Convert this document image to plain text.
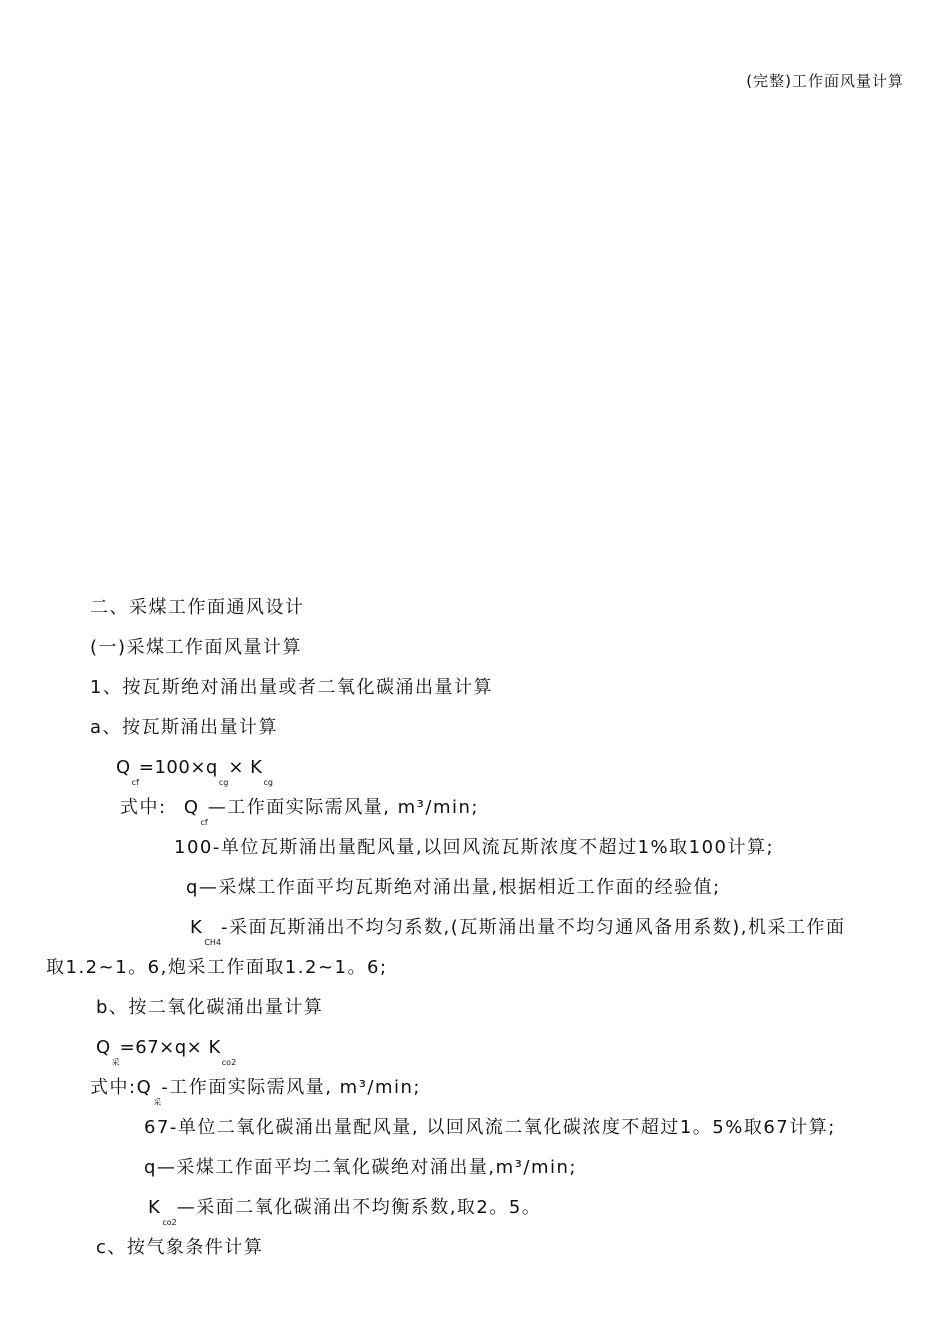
(完整)工作面风量计算
二、采煤工作面通风设计
(一)采煤工作面风量计算
1、按瓦斯绝对涌出量或者二氧化碳涌出量计算
a、按瓦斯涌出量计算
$Q_{cf}=100\times q_{cg}\times K_{cg}$
式中: $Q_{cf}—$工作面实际需风量, m³/min;
100-单位瓦斯涌出量配风量,以回风流瓦斯浓度不超过1%取100计算;
q—采煤工作面平均瓦斯绝对涌出量,根据相近工作面的经验值;
$K_{CH4}-$采面瓦斯涌出不均匀系数,(瓦斯涌出量不均匀通风备用系数),机采工作面
取1.2~1。6,炮采工作面取1.2~1。6;
b、按二氧化碳涌出量计算
$Q_采=67\times q\times K_{co2}$
式中$:Q_采-$工作面实际需风量, m³/min;
67-单位二氧化碳涌出量配风量, 以回风流二氧化碳浓度不超过1。5%取67计算;
q—采煤工作面平均二氧化碳绝对涌出量,m³/min;
$K_{co2}—$采面二氧化碳涌出不均衡系数,取2。5。
c、按气象条件计算
